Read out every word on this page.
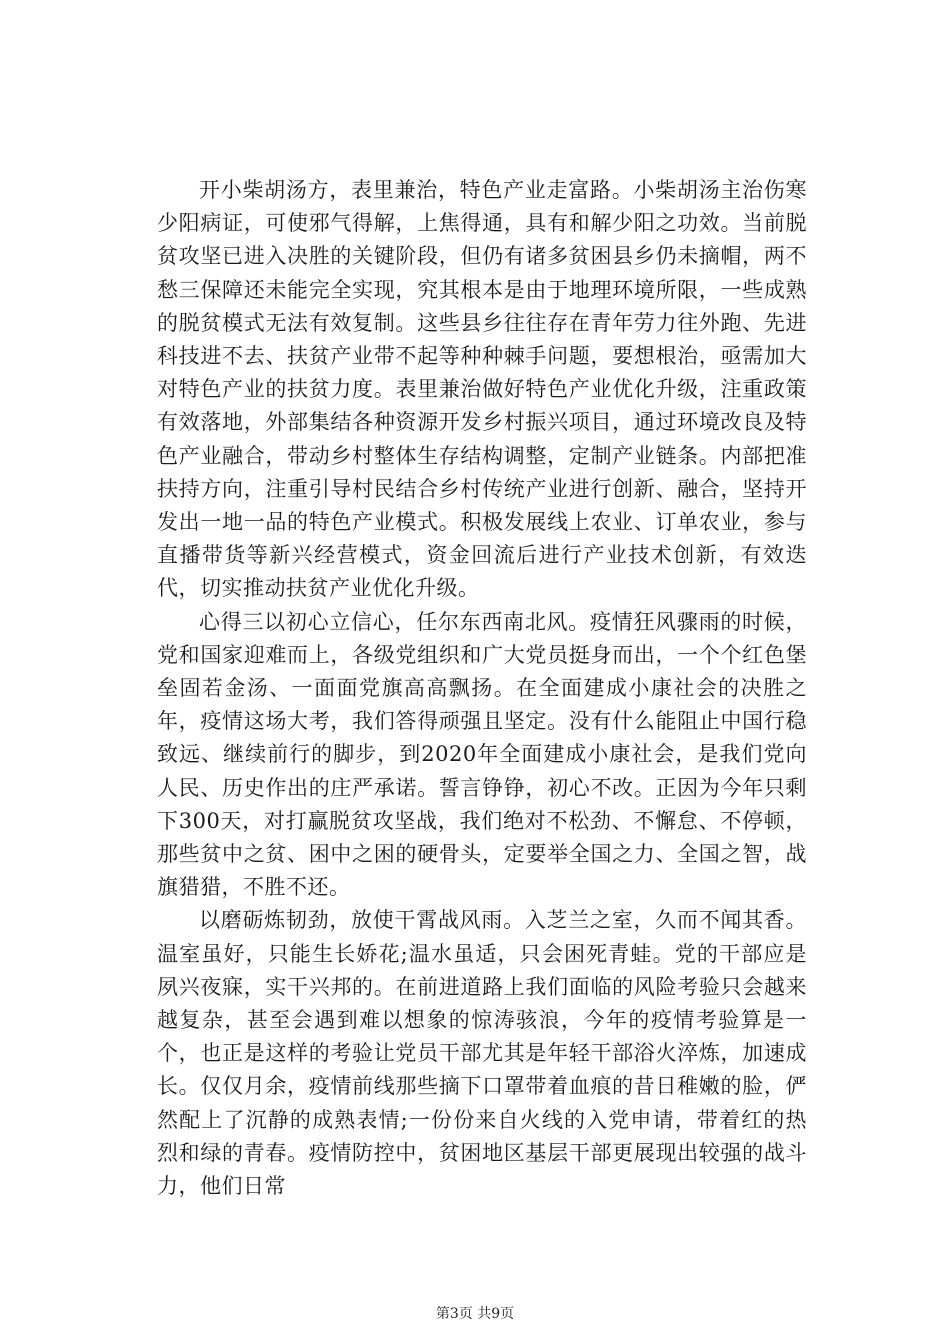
开小柴胡汤方，表里兼治，特色产业走富路。小柴胡汤主治伤寒少阳病证，可使邪气得解，上焦得通，具有和解少阳之功效。当前脱贫攻坚已进入决胜的关键阶段，但仍有诸多贫困县乡仍未摘帽，两不愁三保障还未能完全实现，究其根本是由于地理环境所限，一些成熟的脱贫模式无法有效复制。这些县乡往往存在青年劳力往外跑、先进科技进不去、扶贫产业带不起等种种棘手问题，要想根治，亟需加大对特色产业的扶贫力度。表里兼治做好特色产业优化升级，注重政策有效落地，外部集结各种资源开发乡村振兴项目，通过环境改良及特色产业融合，带动乡村整体生存结构调整，定制产业链条。内部把准扶持方向，注重引导村民结合乡村传统产业进行创新、融合，坚持开发出一地一品的特色产业模式。积极发展线上农业、订单农业，参与直播带货等新兴经营模式，资金回流后进行产业技术创新，有效迭代，切实推动扶贫产业优化升级。

心得三以初心立信心，任尔东西南北风。疫情狂风骤雨的时候，党和国家迎难而上，各级党组织和广大党员挺身而出，一个个红色堡垒固若金汤、一面面党旗高高飘扬。在全面建成小康社会的决胜之年，疫情这场大考，我们答得顽强且坚定。没有什么能阻止中国行稳致远、继续前行的脚步，到2020年全面建成小康社会，是我们党向人民、历史作出的庄严承诺。誓言铮铮，初心不改。正因为今年只剩下300天，对打赢脱贫攻坚战，我们绝对不松劲、不懈怠、不停顿，那些贫中之贫、困中之困的硬骨头，定要举全国之力、全国之智，战旗猎猎，不胜不还。

以磨砺炼韧劲，放使干霄战风雨。入芝兰之室，久而不闻其香。温室虽好，只能生长娇花;温水虽适，只会困死青蛙。党的干部应是夙兴夜寐，实干兴邦的。在前进道路上我们面临的风险考验只会越来越复杂，甚至会遇到难以想象的惊涛骇浪，今年的疫情考验算是一个，也正是这样的考验让党员干部尤其是年轻干部浴火淬炼，加速成长。仅仅月余，疫情前线那些摘下口罩带着血痕的昔日稚嫩的脸，俨然配上了沉静的成熟表情;一份份来自火线的入党申请，带着红的热烈和绿的青春。疫情防控中，贫困地区基层干部更展现出较强的战斗力，他们日常

第3页 共9页
